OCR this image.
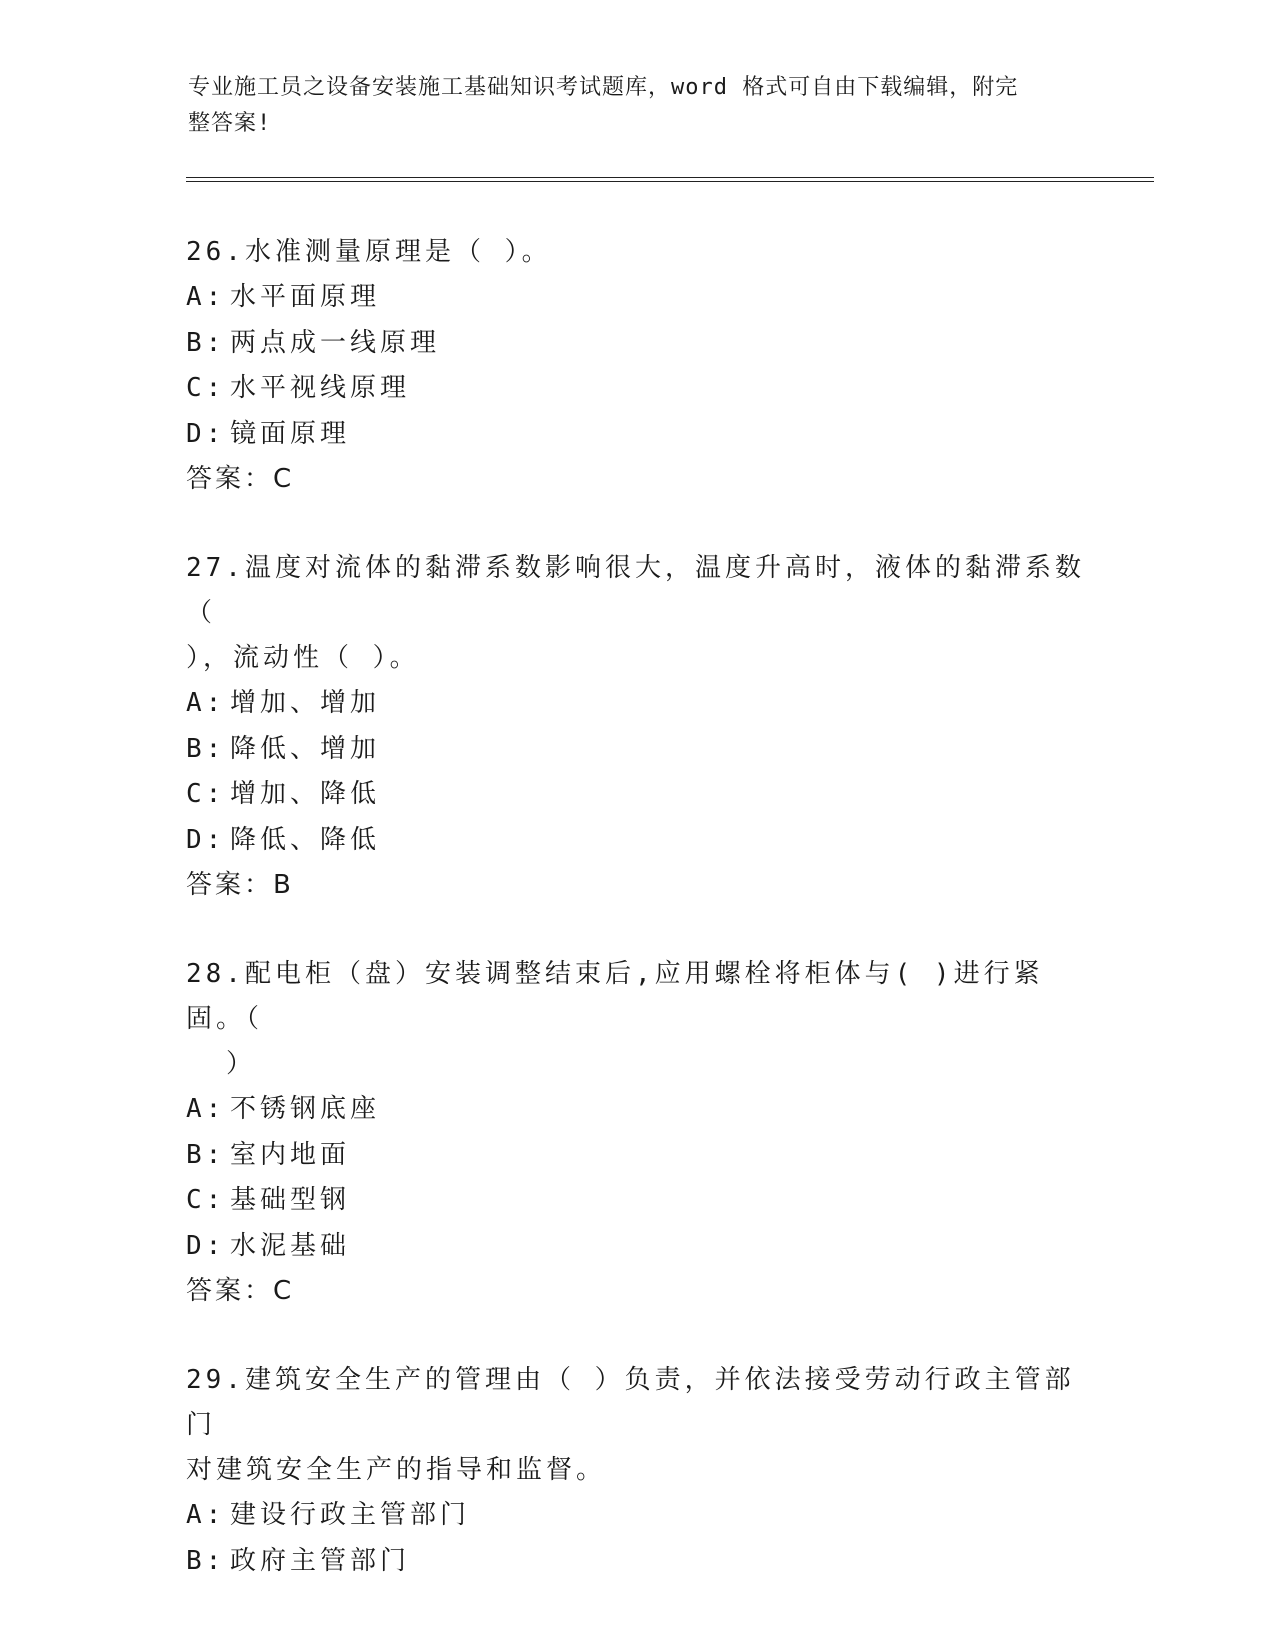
专业施工员之设备安装施工基础知识考试题库，word 格式可自由下载编辑，附完
整答案!

26.水准测量原理是（ ）。

A: 水平面原理
B: 两点成一线原理
C: 水平视线原理
D: 镜面原理

答案：C

27.温度对流体的黏滞系数影响很大，温度升高时，液体的黏滞系数（
），流动性（ ）。

A: 增加、增加
B: 降低、增加
C: 增加、降低
D: 降低、降低

答案：B

28.配电柜（盘）安装调整结束后,应用螺栓将柜体与( )进行紧固。（
）

A: 不锈钢底座
B: 室内地面
C: 基础型钢
D: 水泥基础

答案：C

29.建筑安全生产的管理由（ ）负责，并依法接受劳动行政主管部门
对建筑安全生产的指导和监督。

A: 建设行政主管部门
B: 政府主管部门
